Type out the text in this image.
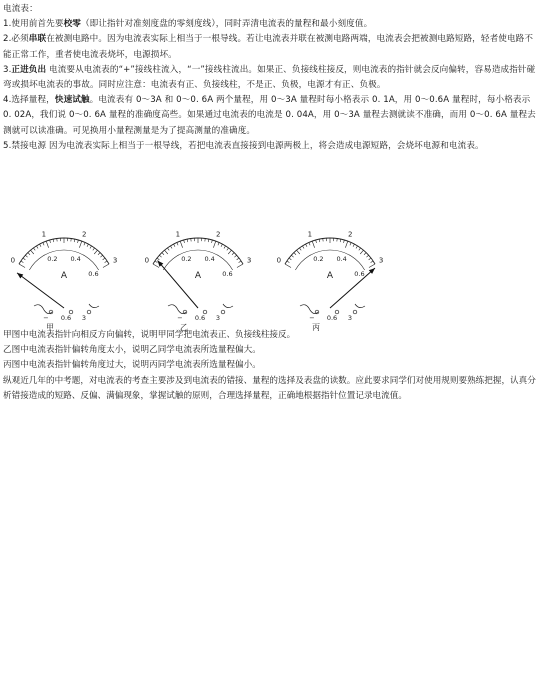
电流表：

1.使用前首先要校零（即让指针对准刻度盘的零刻度线），同时弄清电流表的量程和最小刻度值。

2.必须串联在被测电路中。因为电流表实际上相当于一根导线。若让电流表并联在被测电路两端，电流表会把被测电路短路，轻者使电路不能正常工作，重者使电流表烧坏，电源损坏。

3.正进负出 电流要从电流表的“+”接线柱流入，“一”接线柱流出。如果正、负接线柱接反，则电流表的指针就会反向偏转，容易造成指针碰弯或损坏电流表的事故。同时应注意：电流表有正、负接线柱，不是正、负极，电源才有正、负极。

4.选择量程，快速试触。电流表有 0～3A 和 0～0. 6A 两个量程，用 0～3A 量程时每小格表示 0. 1A，用 0～0.6A 量程时，每小格表示 0. 02A，我们说 0～0. 6A 量程的准确度高些。如果通过电流表的电流是 0. 04A，用 0～3A 量程去测就读不准确，而用 0～0. 6A 量程去测就可以读准确。可见换用小量程测量是为了提高测量的准确度。

5.禁接电源 因为电流表实际上相当于一根导线，若把电流表直接接到电源两极上，将会造成电源短路，会烧坏电源和电流表。

0
1	2
3
0.2 0.4
0.6
A
− 0.6 3
甲
0
1	2
3
0.2 0.4
0.6
A
− 0.6 3
乙
0
1	2
3
0.2 0.4
0.6
A
− 0.6 3
丙

甲图中电流表指针向相反方向偏转，说明甲同学把电流表正、负接线柱接反。

乙图中电流表指针偏转角度太小，说明乙同学电流表所选量程偏大。

丙图中电流表指针偏转角度过大，说明丙同学电流表所选量程偏小。

纵观近几年的中考题，对电流表的考查主要涉及到电流表的错接、量程的选择及表盘的读数。应此要求同学们对使用规则要熟练把握，认真分析错接造成的短路、反偏、满偏现象，掌握试触的原则，合理选择量程，正确地根据指针位置记录电流值。
